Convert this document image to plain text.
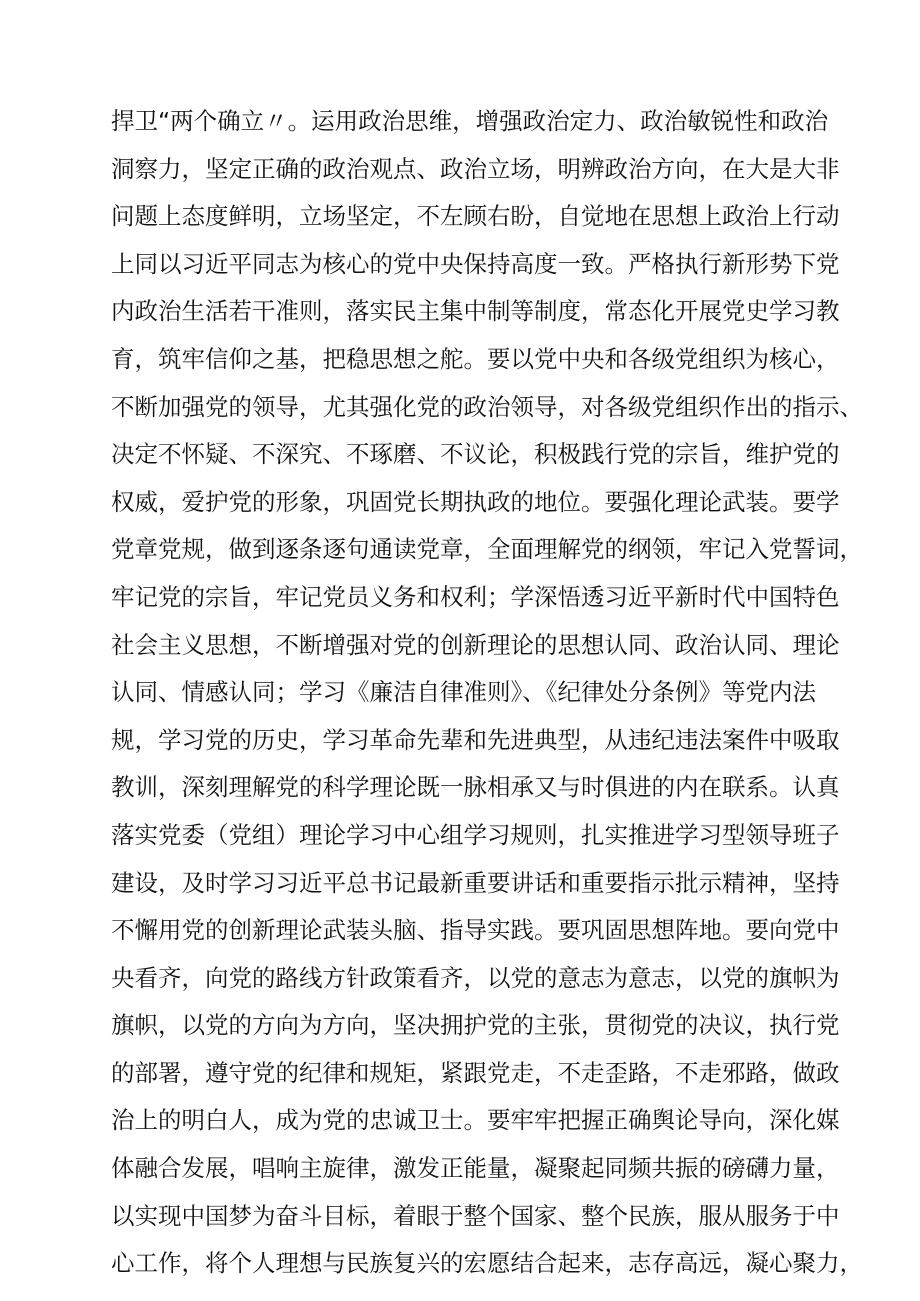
捍卫“两个确立〃。运用政治思维，增强政治定力、政治敏锐性和政治
洞察力，坚定正确的政治观点、政治立场，明辨政治方向，在大是大非
问题上态度鲜明，立场坚定，不左顾右盼，自觉地在思想上政治上行动
上同以习近平同志为核心的党中央保持高度一致。严格执行新形势下党
内政治生活若干准则，落实民主集中制等制度，常态化开展党史学习教
育，筑牢信仰之基，把稳思想之舵。要以党中央和各级党组织为核心，
不断加强党的领导，尤其强化党的政治领导，对各级党组织作出的指示、
决定不怀疑、不深究、不琢磨、不议论，积极践行党的宗旨，维护党的
权威，爱护党的形象，巩固党长期执政的地位。要强化理论武装。要学
党章党规，做到逐条逐句通读党章，全面理解党的纲领，牢记入党誓词，
牢记党的宗旨，牢记党员义务和权利；学深悟透习近平新时代中国特色
社会主义思想，不断增强对党的创新理论的思想认同、政治认同、理论
认同、情感认同；学习《廉洁自律准则》、《纪律处分条例》等党内法
规，学习党的历史，学习革命先辈和先进典型，从违纪违法案件中吸取
教训，深刻理解党的科学理论既一脉相承又与时俱进的内在联系。认真
落实党委（党组）理论学习中心组学习规则，扎实推进学习型领导班子
建设，及时学习习近平总书记最新重要讲话和重要指示批示精神，坚持
不懈用党的创新理论武装头脑、指导实践。要巩固思想阵地。要向党中
央看齐，向党的路线方针政策看齐，以党的意志为意志，以党的旗帜为
旗帜，以党的方向为方向，坚决拥护党的主张，贯彻党的决议，执行党
的部署，遵守党的纪律和规矩，紧跟党走，不走歪路，不走邪路，做政
治上的明白人，成为党的忠诚卫士。要牢牢把握正确舆论导向，深化媒
体融合发展，唱响主旋律，激发正能量，凝聚起同频共振的磅礴力量，
以实现中国梦为奋斗目标，着眼于整个国家、整个民族，服从服务于中
心工作，将个人理想与民族复兴的宏愿结合起来，志存高远，凝心聚力，
